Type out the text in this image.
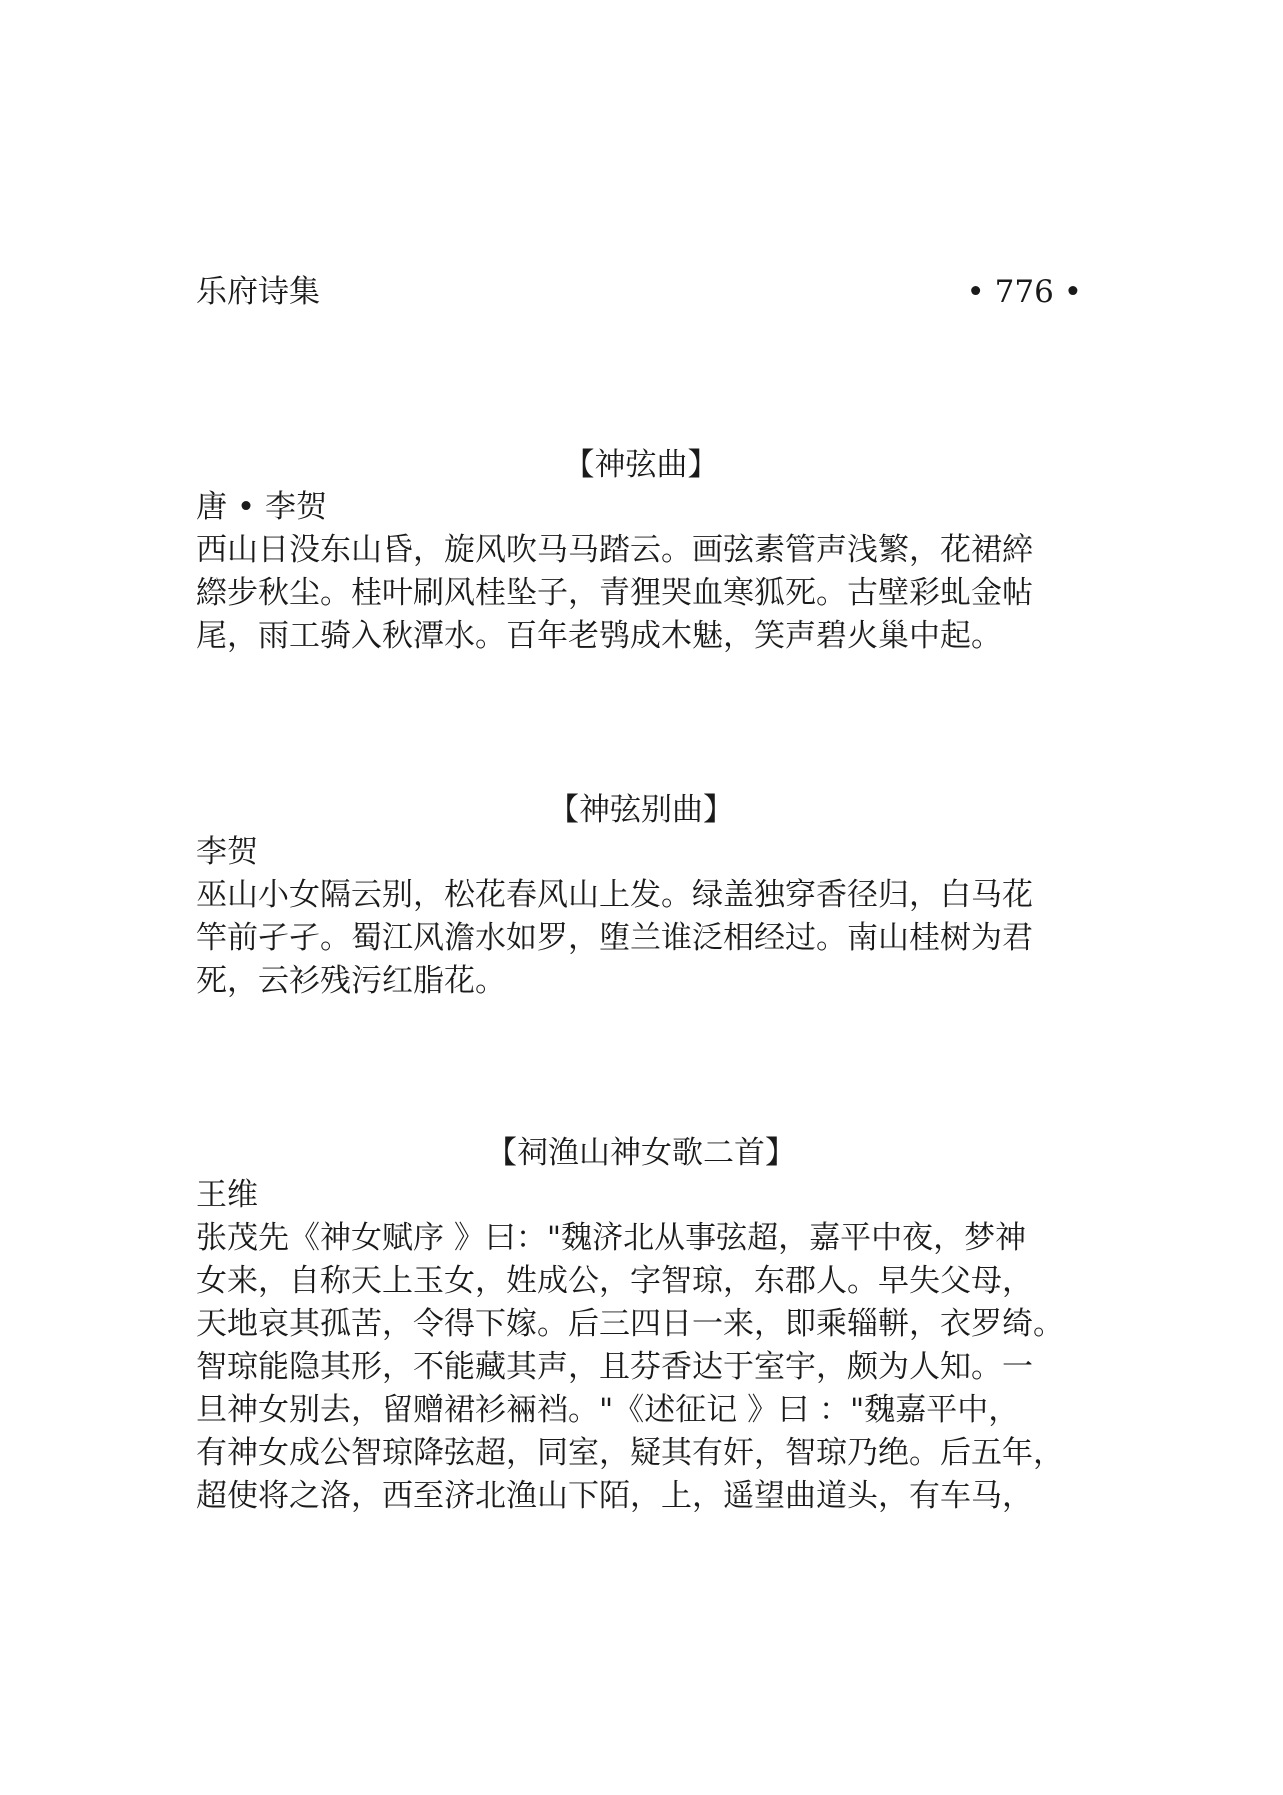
乐府诗集	• 776 •
【神弦曲】

唐 • 李贺

西山日没东山昏，旋风吹马马踏云。画弦素管声浅繁，花裙綷

縩步秋尘。桂叶刷风桂坠子，青狸哭血寒狐死。古壁彩虬金帖

尾，雨工骑入秋潭水。百年老鸮成木魅，笑声碧火巢中起。

【神弦别曲】

李贺

巫山小女隔云别，松花春风山上发。绿盖独穿香径归，白马花

竿前孑孑。蜀江风澹水如罗，堕兰谁泛相经过。南山桂树为君

死，云衫残污红脂花。

【祠渔山神女歌二首】

王维

张茂先《神女赋序 》曰："魏济北从事弦超，嘉平中夜，梦神

女来，自称天上玉女，姓成公，字智琼，东郡人。早失父母，

天地哀其孤苦，令得下嫁。后三四日一来，即乘辎軿，衣罗绮。

智琼能隐其形，不能藏其声，且芬香达于室宇，颇为人知。一

旦神女别去，留赠裙衫裲裆。"《述征记 》曰 ："魏嘉平中，

有神女成公智琼降弦超，同室，疑其有奸，智琼乃绝。后五年，

超使将之洛，西至济北渔山下陌，上，遥望曲道头，有车马，
